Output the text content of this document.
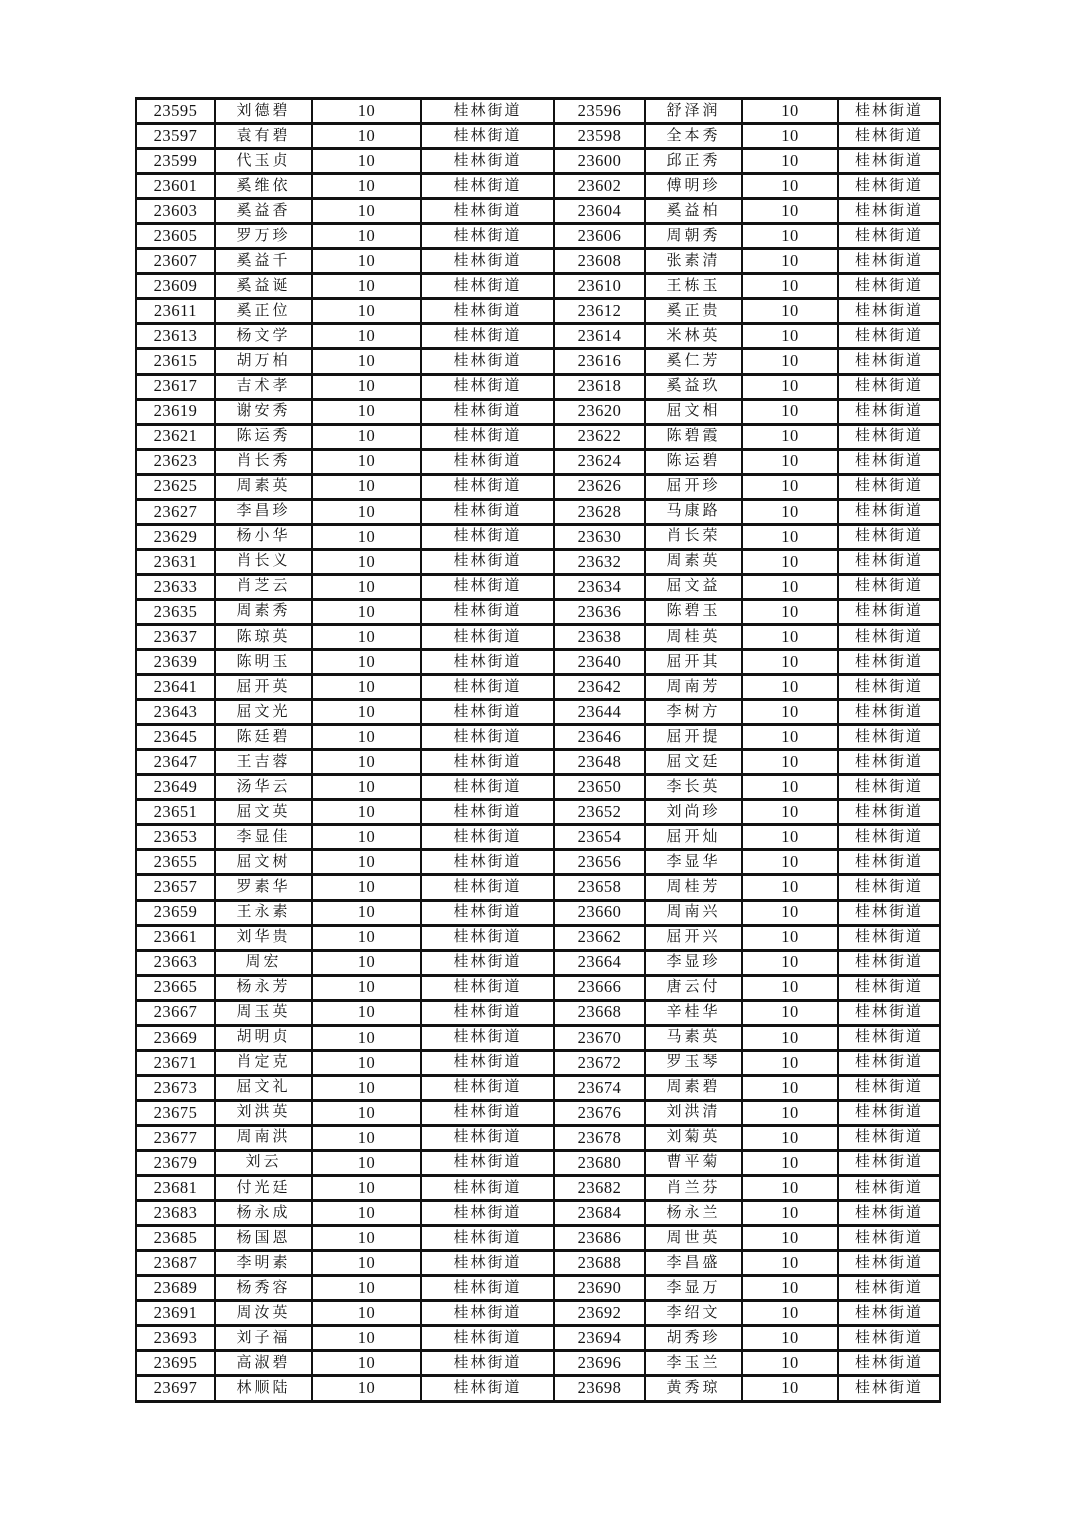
23595	刘德碧	10	桂林街道	23596	舒泽润	10	桂林街道
23597	袁有碧	10	桂林街道	23598	全本秀	10	桂林街道
23599	代玉贞	10	桂林街道	23600	邱正秀	10	桂林街道
23601	奚维依	10	桂林街道	23602	傅明珍	10	桂林街道
23603	奚益香	10	桂林街道	23604	奚益柏	10	桂林街道
23605	罗万珍	10	桂林街道	23606	周朝秀	10	桂林街道
23607	奚益千	10	桂林街道	23608	张素清	10	桂林街道
23609	奚益诞	10	桂林街道	23610	王栋玉	10	桂林街道
23611	奚正位	10	桂林街道	23612	奚正贵	10	桂林街道
23613	杨文学	10	桂林街道	23614	米林英	10	桂林街道
23615	胡万柏	10	桂林街道	23616	奚仁芳	10	桂林街道
23617	吉术孝	10	桂林街道	23618	奚益玖	10	桂林街道
23619	谢安秀	10	桂林街道	23620	屈文相	10	桂林街道
23621	陈运秀	10	桂林街道	23622	陈碧霞	10	桂林街道
23623	肖长秀	10	桂林街道	23624	陈运碧	10	桂林街道
23625	周素英	10	桂林街道	23626	屈开珍	10	桂林街道
23627	李昌珍	10	桂林街道	23628	马康路	10	桂林街道
23629	杨小华	10	桂林街道	23630	肖长荣	10	桂林街道
23631	肖长义	10	桂林街道	23632	周素英	10	桂林街道
23633	肖芝云	10	桂林街道	23634	屈文益	10	桂林街道
23635	周素秀	10	桂林街道	23636	陈碧玉	10	桂林街道
23637	陈琼英	10	桂林街道	23638	周桂英	10	桂林街道
23639	陈明玉	10	桂林街道	23640	屈开其	10	桂林街道
23641	屈开英	10	桂林街道	23642	周南芳	10	桂林街道
23643	屈文光	10	桂林街道	23644	李树方	10	桂林街道
23645	陈廷碧	10	桂林街道	23646	屈开提	10	桂林街道
23647	王吉蓉	10	桂林街道	23648	屈文廷	10	桂林街道
23649	汤华云	10	桂林街道	23650	李长英	10	桂林街道
23651	屈文英	10	桂林街道	23652	刘尚珍	10	桂林街道
23653	李显佳	10	桂林街道	23654	屈开灿	10	桂林街道
23655	屈文树	10	桂林街道	23656	李显华	10	桂林街道
23657	罗素华	10	桂林街道	23658	周桂芳	10	桂林街道
23659	王永素	10	桂林街道	23660	周南兴	10	桂林街道
23661	刘华贵	10	桂林街道	23662	屈开兴	10	桂林街道
23663	周宏	10	桂林街道	23664	李显珍	10	桂林街道
23665	杨永芳	10	桂林街道	23666	唐云付	10	桂林街道
23667	周玉英	10	桂林街道	23668	辛桂华	10	桂林街道
23669	胡明贞	10	桂林街道	23670	马素英	10	桂林街道
23671	肖定克	10	桂林街道	23672	罗玉琴	10	桂林街道
23673	屈文礼	10	桂林街道	23674	周素碧	10	桂林街道
23675	刘洪英	10	桂林街道	23676	刘洪清	10	桂林街道
23677	周南洪	10	桂林街道	23678	刘菊英	10	桂林街道
23679	刘云	10	桂林街道	23680	曹平菊	10	桂林街道
23681	付光廷	10	桂林街道	23682	肖兰芬	10	桂林街道
23683	杨永成	10	桂林街道	23684	杨永兰	10	桂林街道
23685	杨国恩	10	桂林街道	23686	周世英	10	桂林街道
23687	李明素	10	桂林街道	23688	李昌盛	10	桂林街道
23689	杨秀容	10	桂林街道	23690	李显万	10	桂林街道
23691	周汝英	10	桂林街道	23692	李绍文	10	桂林街道
23693	刘子福	10	桂林街道	23694	胡秀珍	10	桂林街道
23695	高淑碧	10	桂林街道	23696	李玉兰	10	桂林街道
23697	林顺陆	10	桂林街道	23698	黄秀琼	10	桂林街道
